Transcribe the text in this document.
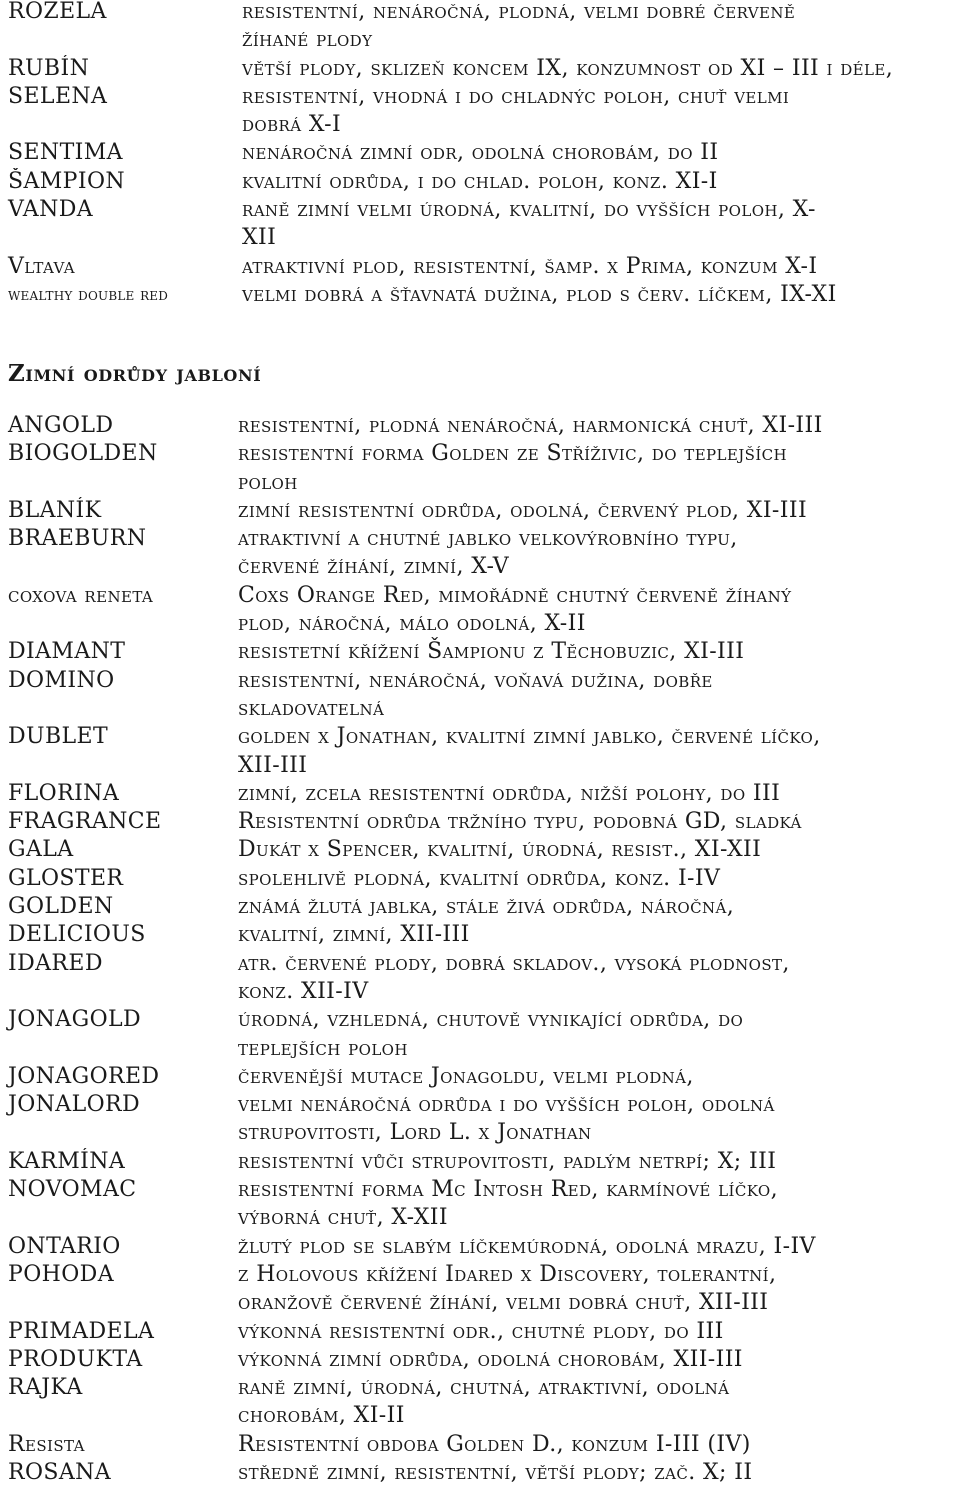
ROZELA	resistentní, nenáročná, plodná, velmi dobré červeně
žíhané plody
RUBÍN	větší plody, sklizeň koncem IX, konzumnost od XI – III i déle,
SELENA	resistentní, vhodná i do chladnýc poloh, chuť velmi
dobrá X-I
SENTIMA	nenáročná zimní odr, odolná chorobám, do II
ŠAMPION	kvalitní odrůda, i do chlad. poloh, konz. XI-I
VANDA	raně zimní velmi úrodná, kvalitní, do vyšších poloh, X-
XII
Vltava	atraktivní plod, resistentní, šamp. x Prima, konzum X-I
wealthy double red	velmi dobrá a šťavnatá dužina, plod s červ. líčkem, IX-XI
Zimní odrůdy jabloní
ANGOLD	resistentní, plodná nenáročná, harmonická chuť, XI-III
BIOGOLDEN	resistentní forma Golden ze Stříživic, do teplejších
poloh
BLANÍK	zimní resistentní odrůda, odolná, červený plod, XI-III
BRAEBURN	atraktivní a chutné jablko velkovýrobního typu,
červené žíhání, zimní, X-V
coxova reneta	Coxs Orange Red, mimořádně chutný červeně žíhaný
plod, náročná, málo odolná, X-II
DIAMANT	resistetní křížení Šampionu z Těchobuzic, XI-III
DOMINO	resistentní, nenáročná, voňavá dužina, dobře
skladovatelná
DUBLET	golden x Jonathan, kvalitní zimní jablko, červené líčko,
XII-III
FLORINA	zimní, zcela resistentní odrůda, nižší polohy, do III
FRAGRANCE	Resistentní odrůda tržního typu, podobná GD, sladká
GALA	Dukát x Spencer, kvalitní, úrodná, resist., XI-XII
GLOSTER	spolehlivě plodná, kvalitní odrůda, konz. I-IV
GOLDEN	známá žlutá jablka, stále živá odrůda, náročná,
DELICIOUS	kvalitní, zimní, XII-III
IDARED	atr. červené plody, dobrá skladov., vysoká plodnost,
konz. XII-IV
JONAGOLD	úrodná, vzhledná, chutově vynikající odrůda, do
teplejších poloh
JONAGORED	červenější mutace Jonagoldu, velmi plodná,
JONALORD	velmi nenáročná odrůda i do vyšších poloh, odolná
strupovitosti, Lord L. x Jonathan
KARMÍNA	resistentní vůči strupovitosti, padlým netrpí; X; III
NOVOMAC	resistentní forma Mc Intosh Red, karmínové líčko,
výborná chuť, X-XII
ONTARIO	žlutý plod se slabým líčkemúrodná, odolná mrazu, I-IV
POHODA	z Holovous křížení Idared x Discovery, tolerantní,
oranžově červené žíhání, velmi dobrá chuť, XII-III
PRIMADELA	výkonná resistentní odr., chutné plody, do III
PRODUKTA	výkonná zimní odrůda, odolná chorobám, XII-III
RAJKA	raně zimní, úrodná, chutná, atraktivní, odolná
chorobám, XI-II
Resista	Resistentní obdoba Golden D., konzum I-III (IV)
ROSANA	středně zimní, resistentní, větší plody; zač. X; II
